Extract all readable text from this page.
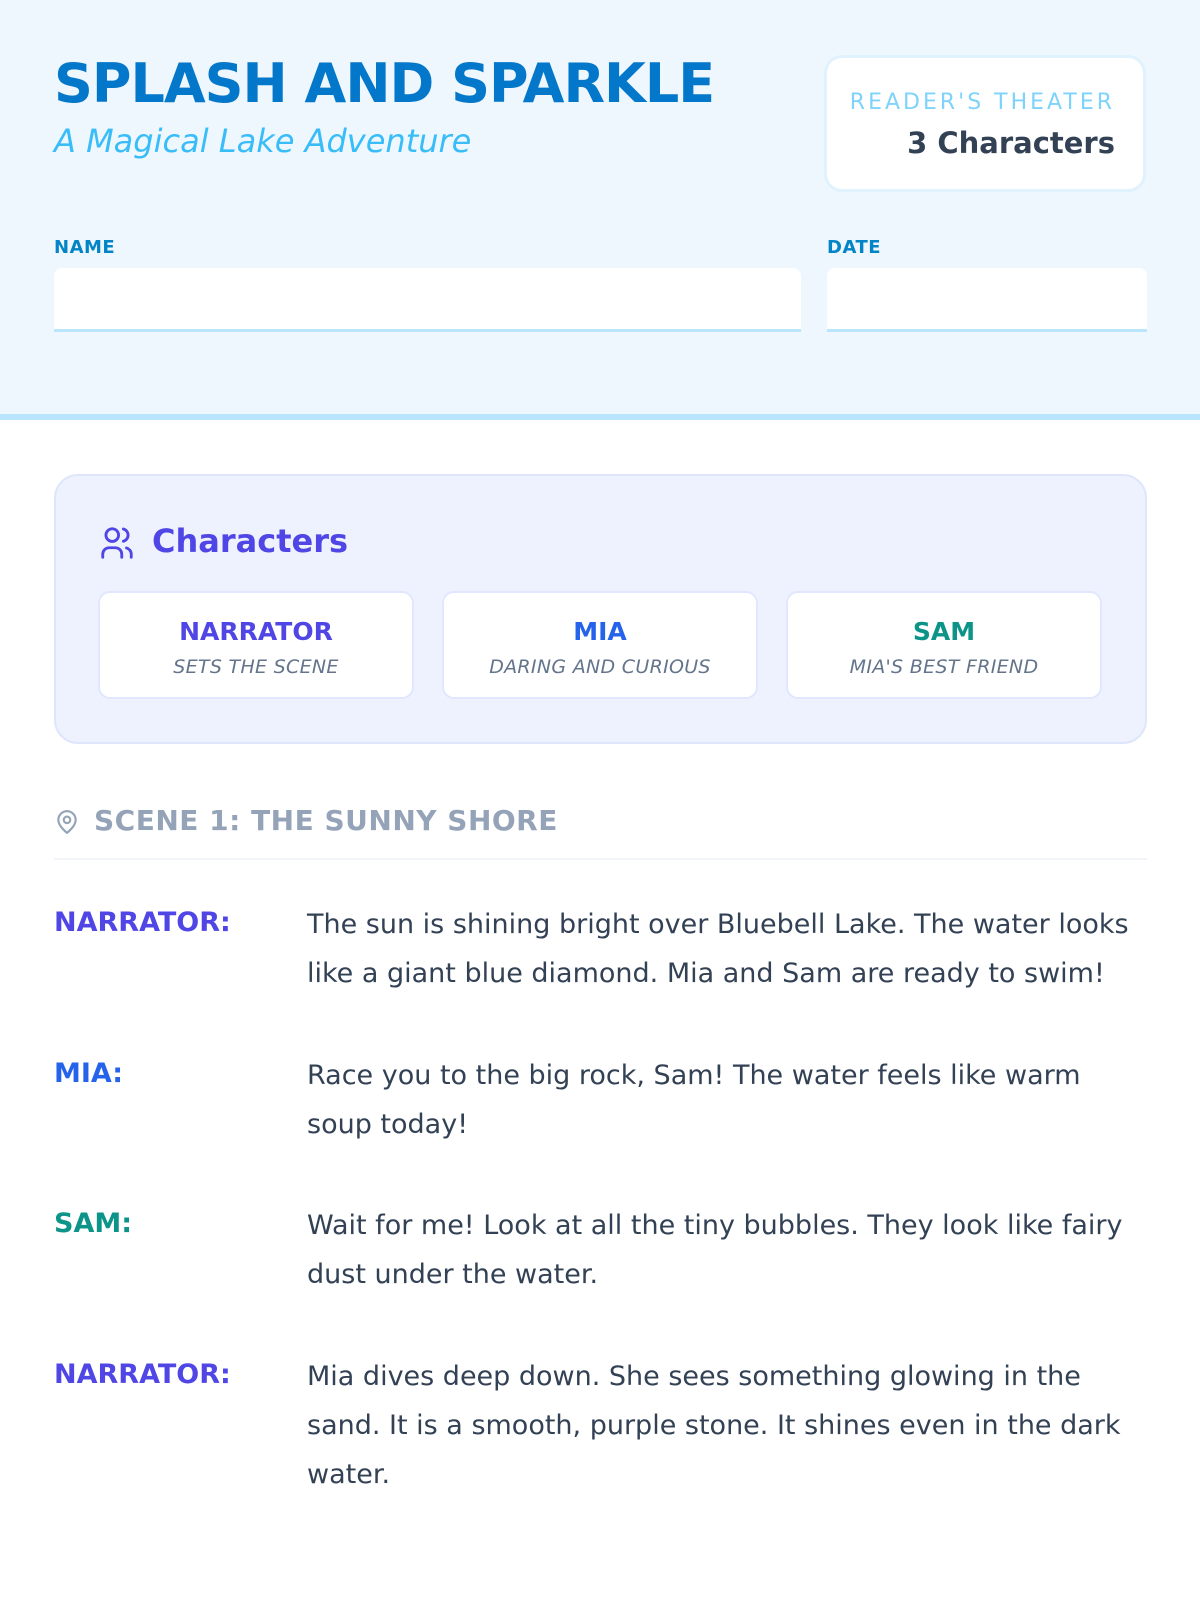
SPLASH AND SPARKLE
A Magical Lake Adventure
READER'S THEATER
3 Characters
NAME	DATE
Characters
NARRATOR
SETS THE SCENE
MIA
DARING AND CURIOUS
SAM
MIA'S BEST FRIEND
SCENE 1: THE SUNNY SHORE
NARRATOR:	The sun is shining bright over Bluebell Lake. The water looks like a giant blue diamond. Mia and Sam are ready to swim!
MIA:	Race you to the big rock, Sam! The water feels like warm soup today!
SAM:	Wait for me! Look at all the tiny bubbles. They look like fairy dust under the water.
NARRATOR:	Mia dives deep down. She sees something glowing in the sand. It is a smooth, purple stone. It shines even in the dark water.
